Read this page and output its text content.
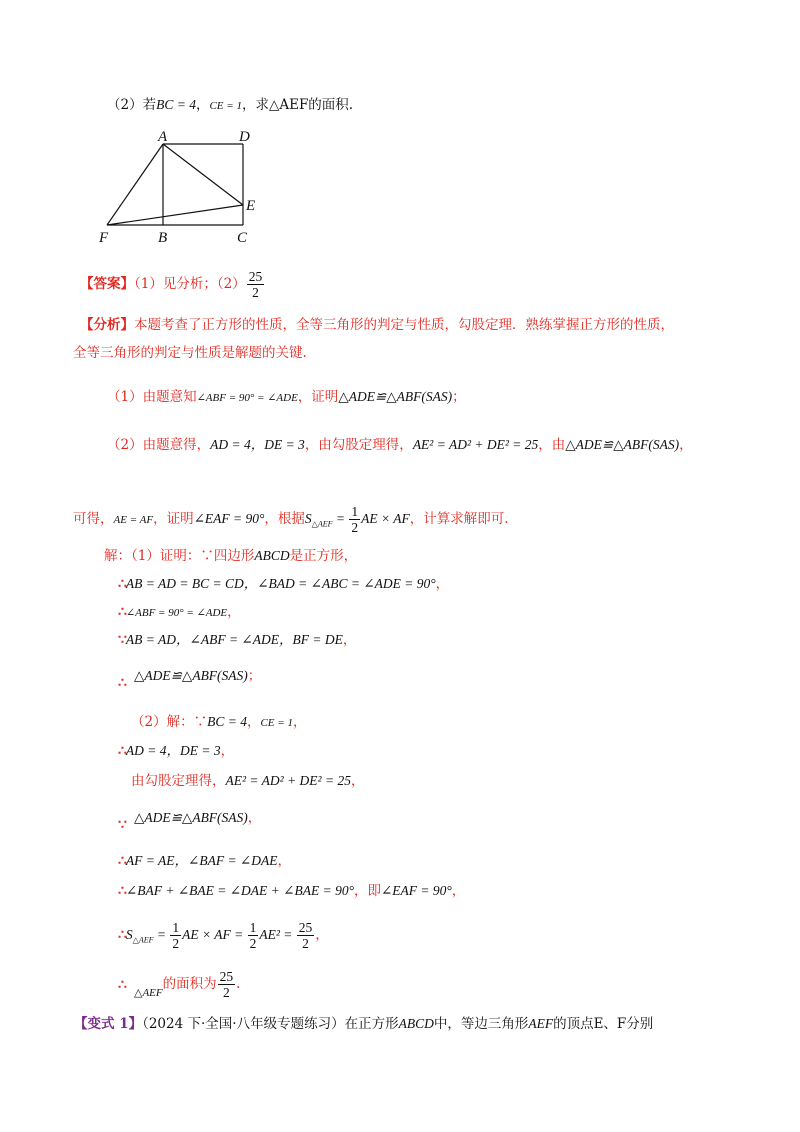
（2）若BC = 4，CE = 1，求△AEF的面积.
A	D
E
F	B	C
【答案】（1）见分析；$(2) \frac{25}{2}$
【分析】本题考查了正方形的性质，全等三角形的判定与性质，勾股定理．熟练掌握正方形的性质，
全等三角形的判定与性质是解题的关键.
（1）由题意知∠ABF = 90° = ∠ADE，证明△ADE≌△ABF(SAS)；
（2）由题意得，AD = 4，DE = 3，由勾股定理得，AE² = AD² + DE² = 25，由△ADE≌△ABF(SAS)，
可得，AE = AF，证明∠EAF = 90°，根据$S_{\triangle AEF} = \frac{1}{2}$ AE × AF，计算求解即可.
解：（1）证明：∵四边形ABCD是正方形，
∴AB = AD = BC = CD，∠BAD = ∠ABC = ∠ADE = 90°，
∴∠ABF = 90° = ∠ADE，
∵AB = AD，∠ABF = ∠ADE，BF = DE，
∴ △ADE≌△ABF(SAS)；
（2）解：∵BC = 4，CE = 1，
∴AD = 4，DE = 3，
由勾股定理得，AE² = AD² + DE² = 25，
∵ △ADE≌△ABF(SAS)，
∴AF = AE，∠BAF = ∠DAE，
∴∠BAF + ∠BAE = ∠DAE + ∠BAE = 90°，即∠EAF = 90°，
$\therefore S_{\triangle AEF} = \frac{1}{2}$ AE × AF = $\frac{1}{2} AE^2 = \frac{25}{2}$ ，
∴ $_{\triangle AEF}$的面积为 $\frac{25}{2}$ .
【变式 1】（2024 下·全国·八年级专题练习）在正方形ABCD中，等边三角形AEF的顶点E、F分别
